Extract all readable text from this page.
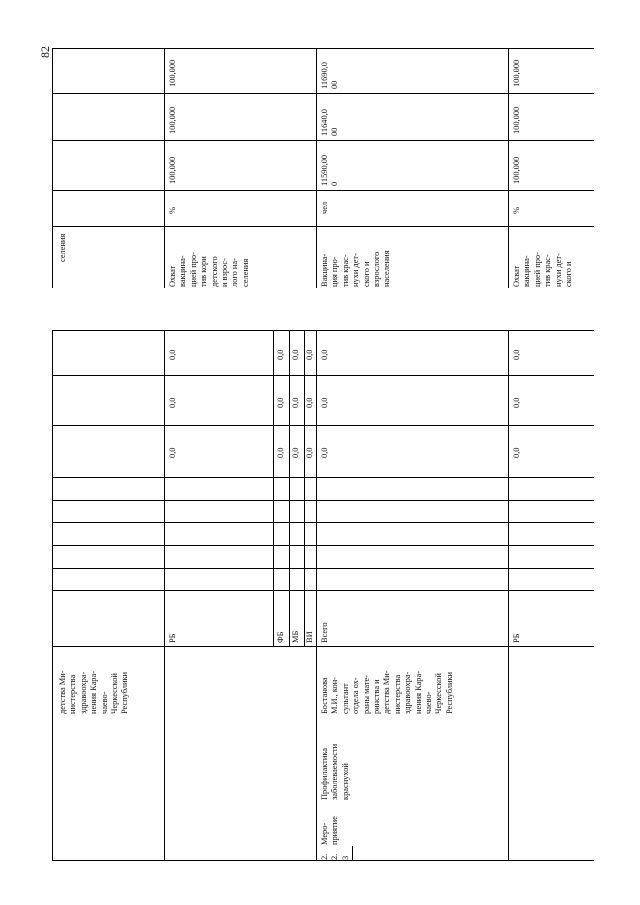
82
селения
Охват вакцина- цией про- тив кори детского и взрос- лого на- селения
%
100,000
100,000
100,000
Вакцина- ция про- тив крас- нухи дет- ского и взрослого населения
чел
11590,00 0
11640,0 00
11690,0 00
Охват вакцина- цией про- тив крас- нухи дет- ского и
%
100,000
100,000
100,000
детства Ми- нистерства здравоохра- нения Кара- чаево- Черкесской Республики
РБ
0,0
0,0
0,0
ФБ
0,0
0,0
0,0
МБ
0,0
0,0
0,0
ВИ
0,0
0,0
0,0
2. 2. 3
Меро- приятие
Профилактика заболеваемости краснухой
Бостанова М.И., кон- сультант отдела ох- раны мате- ринства и детства Ми- нистерства здравоохра- нения Кара- чаево- Черкесской Республики
Всего
0,0
0,0
0,0
РБ
0,0
0,0
0,0
